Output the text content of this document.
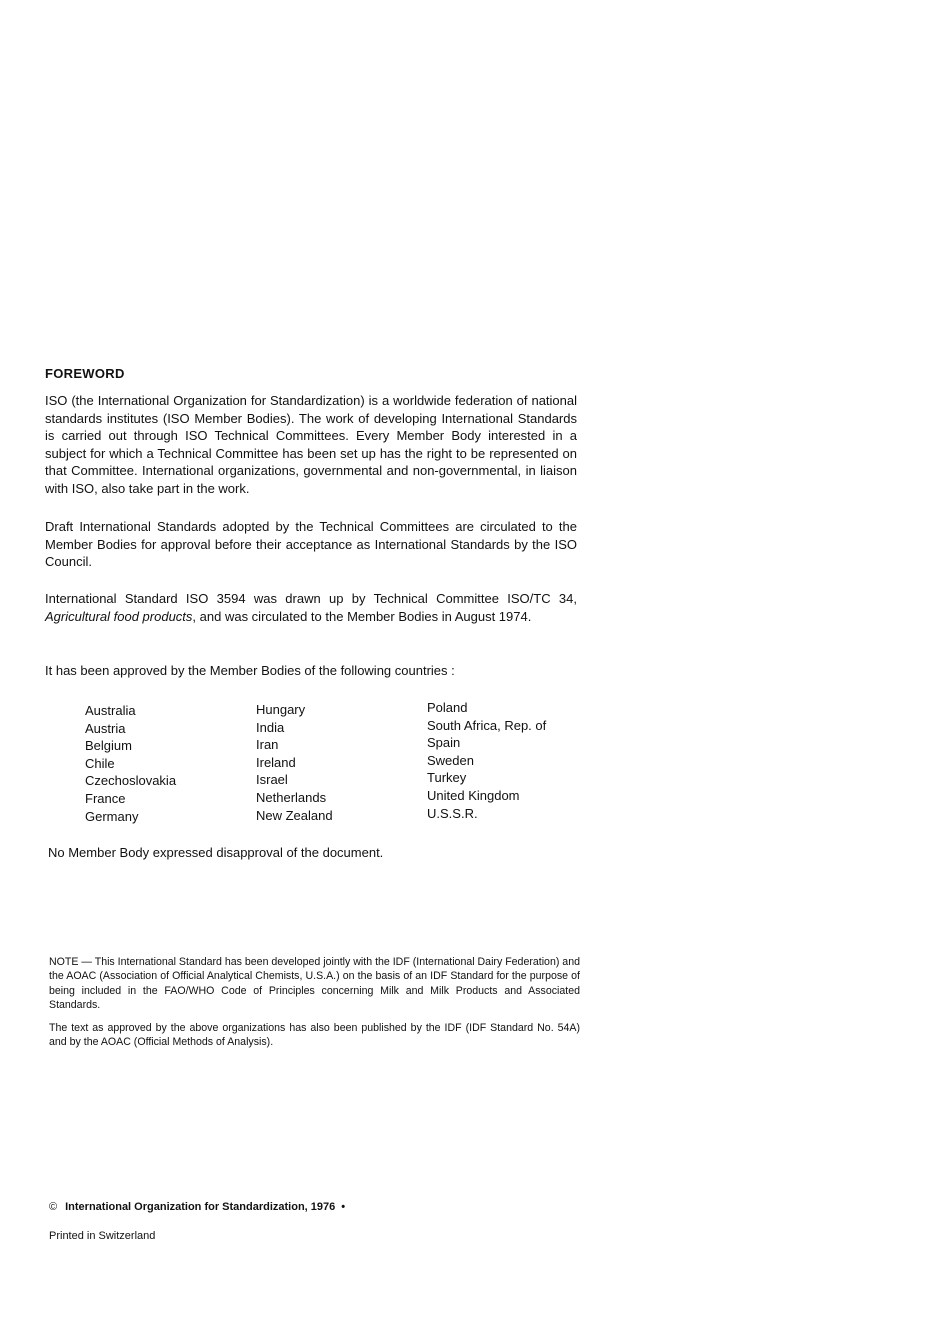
FOREWORD

ISO (the International Organization for Standardization) is a worldwide federation of national standards institutes (ISO Member Bodies). The work of developing International Standards is carried out through ISO Technical Committees. Every Member Body interested in a subject for which a Technical Committee has been set up has the right to be represented on that Committee. International organizations, governmental and non-governmental, in liaison with ISO, also take part in the work.

Draft International Standards adopted by the Technical Committees are circulated to the Member Bodies for approval before their acceptance as International Standards by the ISO Council.

International Standard ISO 3594 was drawn up by Technical Committee ISO/TC 34, Agricultural food products, and was circulated to the Member Bodies in August 1974.

It has been approved by the Member Bodies of the following countries :

Australia
Austria
Belgium
Chile
Czechoslovakia
France
Germany
Hungary
India
Iran
Ireland
Israel
Netherlands
New Zealand
Poland
South Africa, Rep. of
Spain
Sweden
Turkey
United Kingdom
U.S.S.R.

No Member Body expressed disapproval of the document.

NOTE — This International Standard has been developed jointly with the IDF (International Dairy Federation) and the AOAC (Association of Official Analytical Chemists, U.S.A.) on the basis of an IDF Standard for the purpose of being included in the FAO/WHO Code of Principles concerning Milk and Milk Products and Associated Standards.

The text as approved by the above organizations has also been published by the IDF (IDF Standard No. 54A) and by the AOAC (Official Methods of Analysis).

© International Organization for Standardization, 1976 •
Printed in Switzerland
